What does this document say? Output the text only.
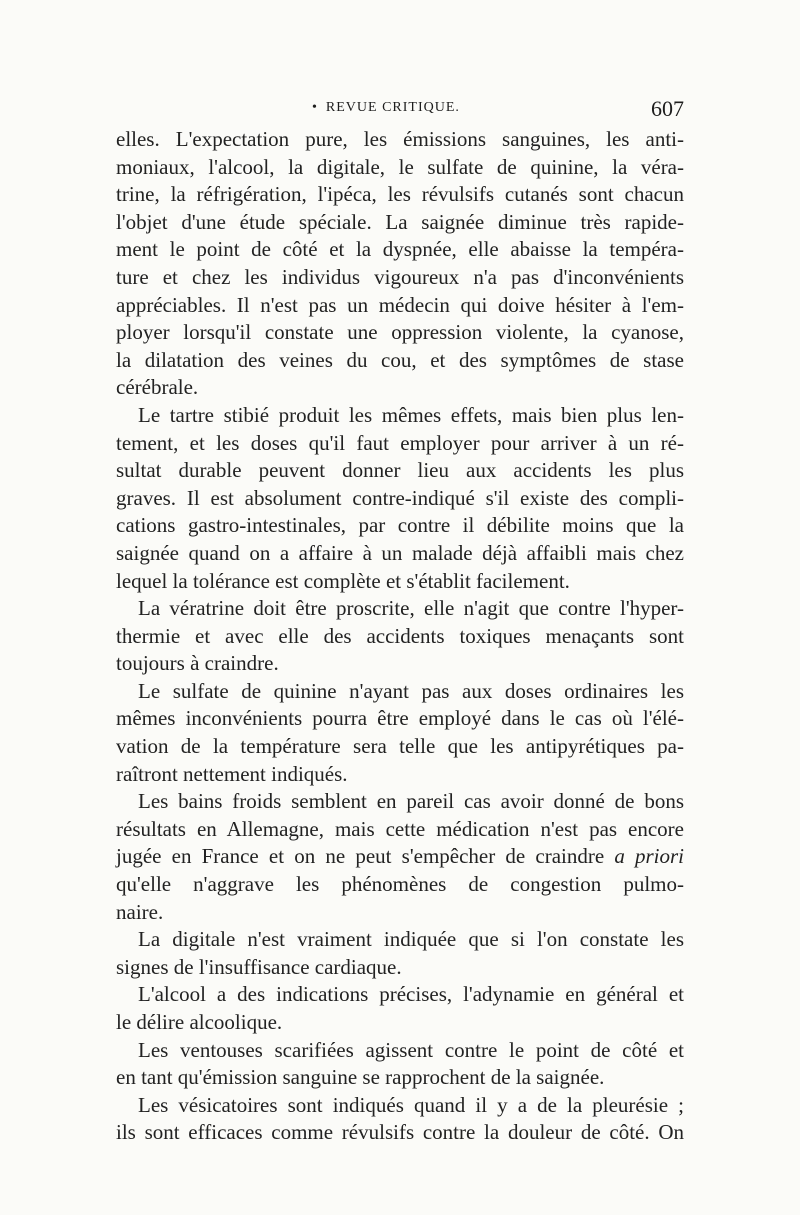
• REVUE CRITIQUE.	607
elles. L'expectation pure, les émissions sanguines, les anti-
moniaux, l'alcool, la digitale, le sulfate de quinine, la véra-
trine, la réfrigération, l'ipéca, les révulsifs cutanés sont chacun
l'objet d'une étude spéciale. La saignée diminue très rapide-
ment le point de côté et la dyspnée, elle abaisse la tempéra-
ture et chez les individus vigoureux n'a pas d'inconvénients
appréciables. Il n'est pas un médecin qui doive hésiter à l'em-
ployer lorsqu'il constate une oppression violente, la cyanose,
la dilatation des veines du cou, et des symptômes de stase
cérébrale.
Le tartre stibié produit les mêmes effets, mais bien plus len-
tement, et les doses qu'il faut employer pour arriver à un ré-
sultat durable peuvent donner lieu aux accidents les plus
graves. Il est absolument contre-indiqué s'il existe des compli-
cations gastro-intestinales, par contre il débilite moins que la
saignée quand on a affaire à un malade déjà affaibli mais chez
lequel la tolérance est complète et s'établit facilement.
La vératrine doit être proscrite, elle n'agit que contre l'hyper-
thermie et avec elle des accidents toxiques menaçants sont
toujours à craindre.
Le sulfate de quinine n'ayant pas aux doses ordinaires les
mêmes inconvénients pourra être employé dans le cas où l'élé-
vation de la température sera telle que les antipyrétiques pa-
raîtront nettement indiqués.
Les bains froids semblent en pareil cas avoir donné de bons
résultats en Allemagne, mais cette médication n'est pas encore
jugée en France et on ne peut s'empêcher de craindre a priori
qu'elle n'aggrave les phénomènes de congestion pulmo-
naire.
La digitale n'est vraiment indiquée que si l'on constate les
signes de l'insuffisance cardiaque.
L'alcool a des indications précises, l'adynamie en général et
le délire alcoolique.
Les ventouses scarifiées agissent contre le point de côté et
en tant qu'émission sanguine se rapprochent de la saignée.
Les vésicatoires sont indiqués quand il y a de la pleurésie ;
ils sont efficaces comme révulsifs contre la douleur de côté. On
